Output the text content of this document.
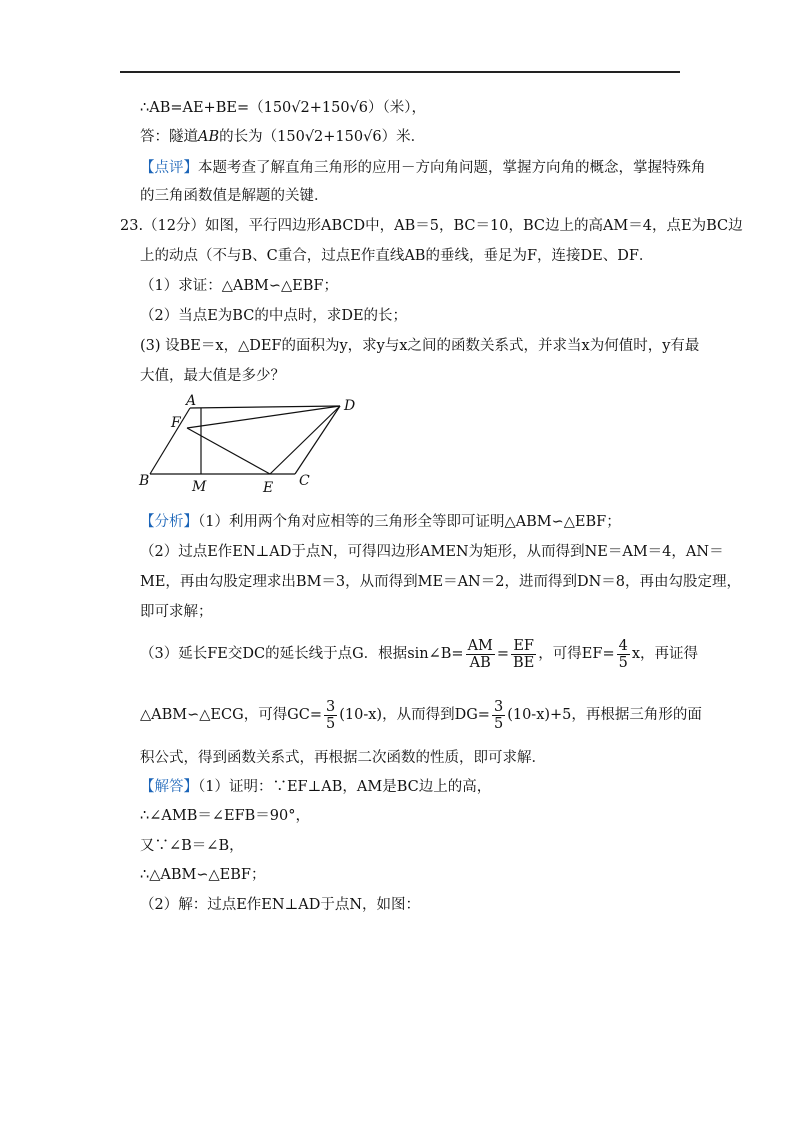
∴AB=AE+BE=（150√2+150√6）（米），
答：隧道AB的长为（150√2+150√6）米．
【点评】本题考查了解直角三角形的应用－方向角问题，掌握方向角的概念，掌握特殊角
的三角函数值是解题的关键．
23.（12分）如图，平行四边形ABCD中，AB＝5，BC＝10，BC边上的高AM＝4，点E为BC边
上的动点（不与B、C重合，过点E作直线AB的垂线，垂足为F，连接DE、DF．
（1）求证：△ABM∽△EBF；
（2）当点E为BC的中点时，求DE的长；
(3) 设BE＝x，△DEF的面积为y，求y与x之间的函数关系式，并求当x为何值时，y有最
大值，最大值是多少？
A	D
F
B	M	E C
【分析】（1）利用两个角对应相等的三角形全等即可证明△ABM∽△EBF；
（2）过点E作EN⊥AD于点N，可得四边形AMEN为矩形，从而得到NE＝AM＝4，AN＝
ME，再由勾股定理求出BM＝3，从而得到ME＝AN＝2，进而得到DN＝8，再由勾股定理，
即可求解；
（3）延长FE交DC的延长线于点G．根据sin∠B= $\frac{AM}{AB} = \frac{EF}{BE}$ ，可得$EF= \frac{4}{5}$ x，再证得
△ABM∽△ECG，可得$GC= \frac{3}{5} (10-x)$，从而得到$DG= \frac{3}{5} (10-x)+5$，再根据三角形的面
积公式，得到函数关系式，再根据二次函数的性质，即可求解．
【解答】（1）证明：∵EF⊥AB，AM是BC边上的高，
∴∠AMB＝∠EFB＝90°，
又∵∠B＝∠B，
∴△ABM∽△EBF；
（2）解：过点E作EN⊥AD于点N，如图：
